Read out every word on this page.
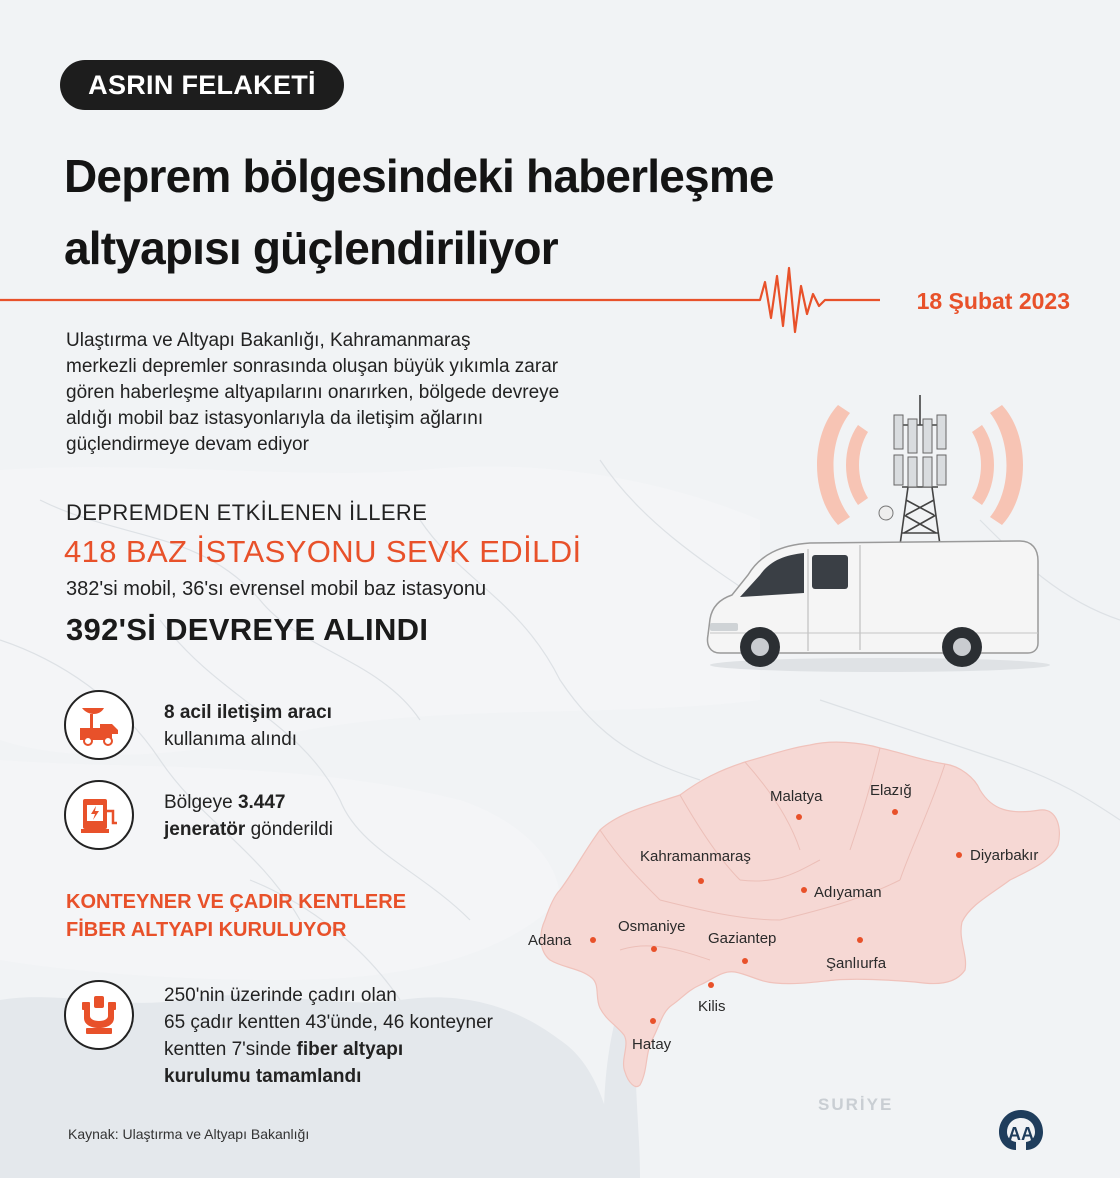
ASRIN FELAKETİ
Deprem bölgesindeki haberleşme
altyapısı güçlendiriliyor
18 Şubat 2023
Ulaştırma ve Altyapı Bakanlığı, Kahramanmaraş
merkezli depremler sonrasında oluşan büyük yıkımla zarar
gören haberleşme altyapılarını onarırken, bölgede devreye
aldığı mobil baz istasyonlarıyla da iletişim ağlarını
güçlendirmeye devam ediyor
DEPREMDEN ETKİLENEN İLLERE
418 BAZ İSTASYONU SEVK EDİLDİ
382'si mobil, 36'sı evrensel mobil baz istasyonu
392'Sİ DEVREYE ALINDI
8 acil iletişim aracı
kullanıma alındı
Bölgeye 3.447
jeneratör gönderildi
KONTEYNER VE ÇADIR KENTLERE
FİBER ALTYAPI KURULUYOR
250'nin üzerinde çadırı olan
65 çadır kentten 43'ünde, 46 konteyner
kentten 7'sinde fiber altyapı
kurulumu tamamlandı
Malatya	Elazığ
Kahramanmaraş	Diyarbakır
Adıyaman
Osmaniye
Adana	Gaziantep
Şanlıurfa
Kilis
Hatay
SURİYE
Kaynak: Ulaştırma ve Altyapı Bakanlığı	AA
